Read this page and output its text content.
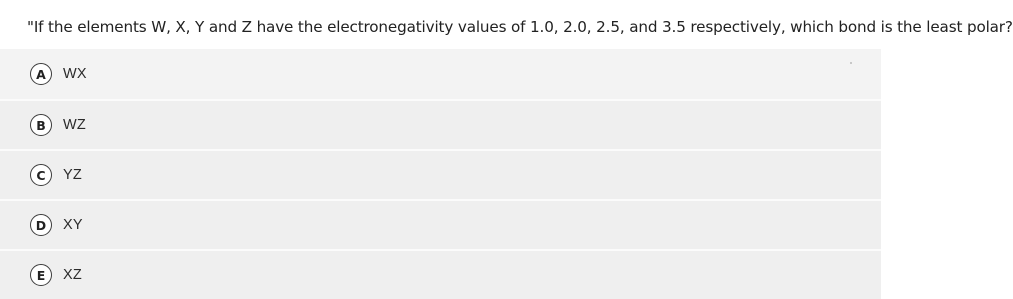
"If the elements W, X, Y and Z have the electronegativity values of 1.0, 2.0, 2.5, and 3.5 respectively, which bond is the least polar?
A	WX
B	WZ
C	YZ
D	XY
E	XZ
